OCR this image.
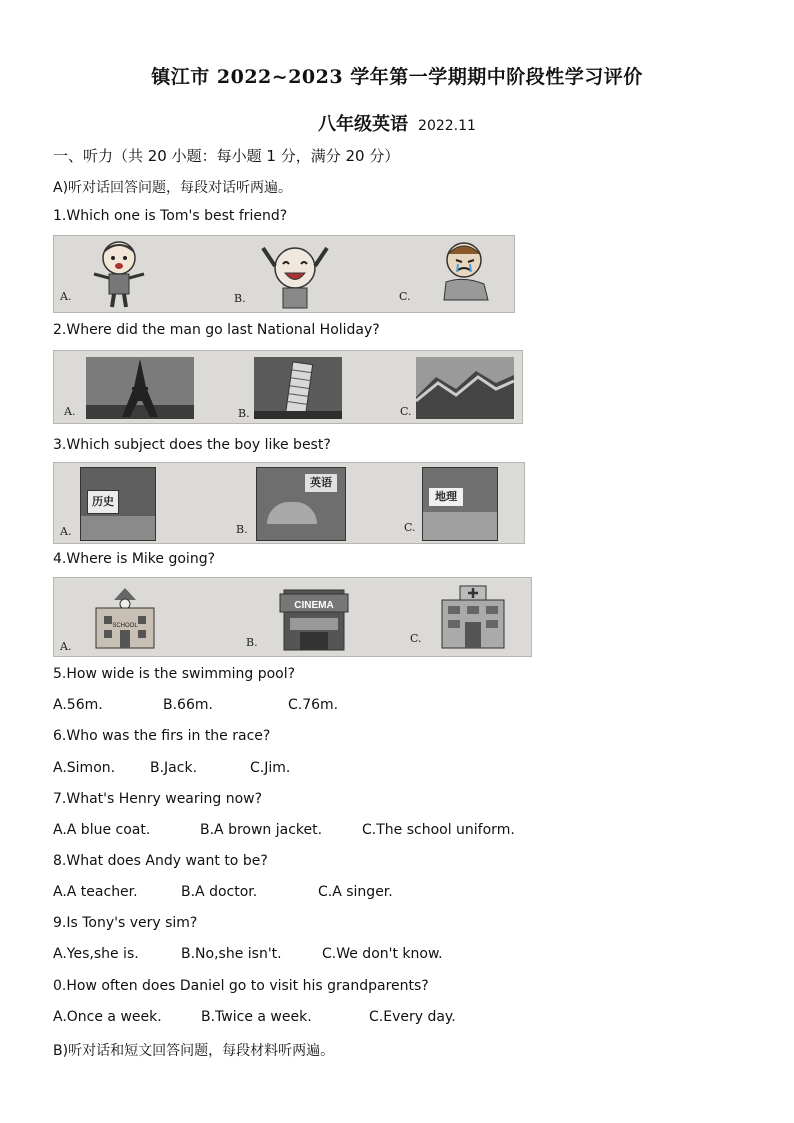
镇江市 2022~2023 学年第一学期期中阶段性学习评价
八年级英语 2022.11
一、听力（共 20 小题：每小题 1 分，满分 20 分）
A)听对话回答问题，每段对话听两遍。
1.Which one is Tom's best friend?
A.	B.	C.
2.Where did the man go last National Holiday?
A.	B.	C.
3.Which subject does the boy like best?
A.	B.	C.
历史
英语
地理
4.Where is Mike going?
A.	B.	C.
SCHOOL
CINEMA
5.How wide is the swimming pool?
A.56m.	B.66m.	C.76m.
6.Who was the firs in the race?
A.Simon. B.Jack.	C.Jim.
7.What's Henry wearing now?
A.A blue coat.	B.A brown jacket.	C.The school uniform.
8.What does Andy want to be?
A.A teacher.	B.A doctor.	C.A singer.
9.Is Tony's very sim?
A.Yes,she is.	B.No,she isn't.	C.We don't know.
0.How often does Daniel go to visit his grandparents?
A.Once a week.	B.Twice a week.	C.Every day.
B)听对话和短文回答问题，每段材料听两遍。
